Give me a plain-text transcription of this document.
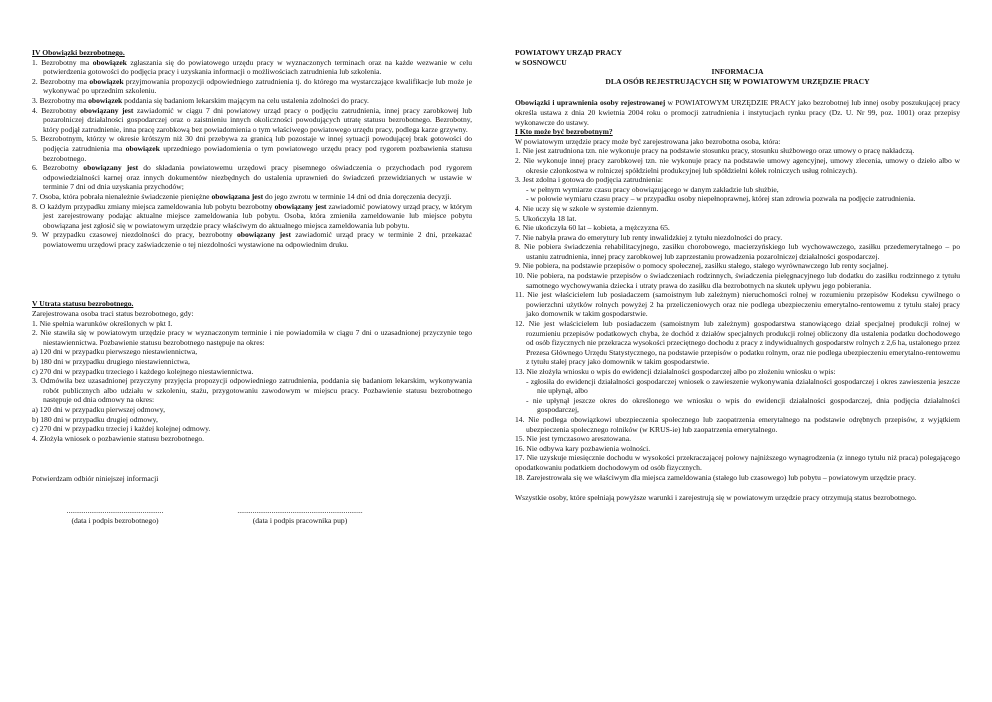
IV Obowiązki bezrobotnego.

1. Bezrobotny ma obowiązek zgłaszania się do powiatowego urzędu pracy w wyznaczonych terminach oraz na każde wezwanie w celu potwierdzenia gotowości do podjęcia pracy i uzyskania informacji o możliwościach zatrudnienia lub szkolenia.

2. Bezrobotny ma obowiązek przyjmowania propozycji odpowiedniego zatrudnienia tj. do którego ma wystarczające kwalifikacje lub może je wykonywać po uprzednim szkoleniu.

3. Bezrobotny ma obowiązek poddania się badaniom lekarskim mającym na celu ustalenia zdolności do pracy.

4. Bezrobotny obowiązany jest zawiadomić w ciągu 7 dni powiatowy urząd pracy o podjęciu zatrudnienia, innej pracy zarobkowej lub pozarolniczej działalności gospodarczej oraz o zaistnieniu innych okoliczności powodujących utratę statusu bezrobotnego. Bezrobotny, który podjął zatrudnienie, inna pracę zarobkową bez powiadomienia o tym właściwego powiatowego urzędu pracy, podlega karze grzywny.

5. Bezrobotnym, którzy w okresie krótszym niż 30 dni przebywa za granicą lub pozostaje w innej sytuacji powodującej brak gotowości do podjęcia zatrudnienia ma obowiązek uprzedniego powiadomienia o tym powiatowego urzędu pracy pod rygorem pozbawienia statusu bezrobotnego.

6. Bezrobotny obowiązany jest do składania powiatowemu urzędowi pracy pisemnego oświadczenia o przychodach pod rygorem odpowiedzialności karnej oraz innych dokumentów niezbędnych do ustalenia uprawnień do świadczeń przewidzianych w ustawie w terminie 7 dni od dnia uzyskania przychodów;

7. Osoba, która pobrała nienależnie świadczenie pieniężne obowiązana jest do jego zwrotu w terminie 14 dni od dnia doręczenia decyzji.

8. O każdym przypadku zmiany miejsca zameldowania lub pobytu bezrobotny obowiązany jest zawiadomić powiatowy urząd pracy, w którym jest zarejestrowany podając aktualne miejsce zameldowania lub pobytu. Osoba, która zmieniła zameldowanie lub miejsce pobytu obowiązana jest zgłosić się w powiatowym urzędzie pracy właściwym do aktualnego miejsca zameldowania lub pobytu.

9. W przypadku czasowej niezdolności do pracy, bezrobotny obowiązany jest zawiadomić urząd pracy w terminie 2 dni, przekazać powiatowemu urzędowi pracy zaświadczenie o tej niezdolności wystawione na odpowiednim druku.

V Utrata statusu bezrobotnego.

Zarejestrowana osoba traci status bezrobotnego, gdy:

1. Nie spełnia warunków określonych w pkt I.

2. Nie stawiła się w powiatowym urzędzie pracy w wyznaczonym terminie i nie powiadomiła w ciągu 7 dni o uzasadnionej przyczynie tego niestawiennictwa. Pozbawienie statusu bezrobotnego następuje na okres:

a) 120 dni w przypadku pierwszego niestawiennictwa,

b) 180 dni w przypadku drugiego niestawiennictwa,

c) 270 dni w przypadku trzeciego i każdego kolejnego niestawiennictwa.

3. Odmówiła bez uzasadnionej przyczyny przyjęcia propozycji odpowiedniego zatrudnienia, poddania się badaniom lekarskim, wykonywania robót publicznych albo udziału w szkoleniu, stażu, przygotowaniu zawodowym w miejscu pracy. Pozbawienie statusu bezrobotnego następuje od dnia odmowy na okres:

a) 120 dni w przypadku pierwszej odmowy,

b) 180 dni w przypadku drugiej odmowy,

c) 270 dni w przypadku trzeciej i każdej kolejnej odmowy.

4. Złożyła wniosek o pozbawienie statusu bezrobotnego.

Potwierdzam odbiór niniejszej informacji

...................................................
(data i podpis bezrobotnego)
..................................................................
(data i podpis pracownika pup)

POWIATOWY URZĄD PRACY

w SOSNOWCU

INFORMACJA

DLA OSÓB REJESTRUJĄCYCH SIĘ W POWIATOWYM URZĘDZIE PRACY

Obowiązki i uprawnienia osoby rejestrowanej w POWIATOWYM URZĘDZIE PRACY jako bezrobotnej lub innej osoby poszukującej pracy określa ustawa z dnia 20 kwietnia 2004 roku o promocji zatrudnienia i instytucjach rynku pracy (Dz. U. Nr 99, poz. 1001) oraz przepisy wykonawcze do ustawy.

I Kto może być bezrobotnym?

W powiatowym urzędzie pracy może być zarejestrowana jako bezrobotna osoba, która:

1. Nie jest zatrudniona tzn. nie wykonuje pracy na podstawie stosunku pracy, stosunku służbowego oraz umowy o pracę nakładczą.

2. Nie wykonuje innej pracy zarobkowej tzn. nie wykonuje pracy na podstawie umowy agencyjnej, umowy zlecenia, umowy o dzieło albo w okresie członkostwa w rolniczej spółdzielni produkcyjnej lub spółdzielni kółek rolniczych usług rolniczych).

3. Jest zdolna i gotowa do podjęcia zatrudnienia:

- w pełnym wymiarze czasu pracy obowiązującego w danym zakładzie lub służbie,

- w połowie wymiaru czasu pracy – w przypadku osoby niepełnoprawnej, której stan zdrowia pozwala na podjęcie zatrudnienia.

4. Nie uczy się w szkole w systemie dziennym.

5. Ukończyła 18 lat.

6. Nie ukończyła 60 lat – kobieta, a mężczyzna 65.

7. Nie nabyła prawa do emerytury lub renty inwalidzkiej z tytułu niezdolności do pracy.

8. Nie pobiera świadczenia rehabilitacyjnego, zasiłku chorobowego, macierzyńskiego lub wychowawczego, zasiłku przedemerytalnego – po ustaniu zatrudnienia, innej pracy zarobkowej lub zaprzestaniu prowadzenia pozarolniczej działalności gospodarczej.

9. Nie pobiera, na podstawie przepisów o pomocy społecznej, zasiłku stałego, stałego wyrównawczego lub renty socjalnej.

10. Nie pobiera, na podstawie przepisów o świadczeniach rodzinnych, świadczenia pielęgnacyjnego lub dodatku do zasiłku rodzinnego z tytułu samotnego wychowywania dziecka i utraty prawa do zasiłku dla bezrobotnych na skutek upływu jego pobierania.

11. Nie jest właścicielem lub posiadaczem (samoistnym lub zależnym) nieruchomości rolnej w rozumieniu przepisów Kodeksu cywilnego o powierzchni użytków rolnych powyżej 2 ha przeliczeniowych oraz nie podlega ubezpieczeniu emerytalno-rentowemu z tytułu stałej pracy jako domownik w takim gospodarstwie.

12. Nie jest właścicielem lub posiadaczem (samoistnym lub zależnym) gospodarstwa stanowiącego dział specjalnej produkcji rolnej w rozumieniu przepisów podatkowych chyba, że dochód z działów specjalnych produkcji rolnej obliczony dla ustalenia podatku dochodowego od osób fizycznych nie przekracza wysokości przeciętnego dochodu z pracy z indywidualnych gospodarstw rolnych z 2,6 ha, ustalonego przez Prezesa Głównego Urzędu Statystycznego, na podstawie przepisów o podatku rolnym, oraz nie podlega ubezpieczeniu emerytalno-rentowemu z tytułu stałej pracy jako domownik w takim gospodarstwie.

13. Nie złożyła wniosku o wpis do ewidencji działalności gospodarczej albo po złożeniu wniosku o wpis:

- zgłosiła do ewidencji działalności gospodarczej wniosek o zawieszenie wykonywania działalności gospodarczej i okres zawieszenia jeszcze nie upłynął, albo

- nie upłynął jeszcze okres do określonego we wniosku o wpis do ewidencji działalności gospodarczej, dnia podjęcia działalności gospodarczej,

14. Nie podlega obowiązkowi ubezpieczenia społecznego lub zaopatrzenia emerytalnego na podstawie odrębnych przepisów, z wyjątkiem ubezpieczenia społecznego rolników (w KRUS-ie) lub zaopatrzenia emerytalnego.

15. Nie jest tymczasowo aresztowana.

16. Nie odbywa kary pozbawienia wolności.

17. Nie uzyskuje miesięcznie dochodu w wysokości przekraczającej połowy najniższego wynagrodzenia (z innego tytułu niż praca) polegającego opodatkowaniu podatkiem dochodowym od osób fizycznych.

18. Zarejestrowała się we właściwym dla miejsca zameldowania (stałego lub czasowego) lub pobytu – powiatowym urzędzie pracy.

Wszystkie osoby, które spełniają powyższe warunki i zarejestrują się w powiatowym urzędzie pracy otrzymują status bezrobotnego.
